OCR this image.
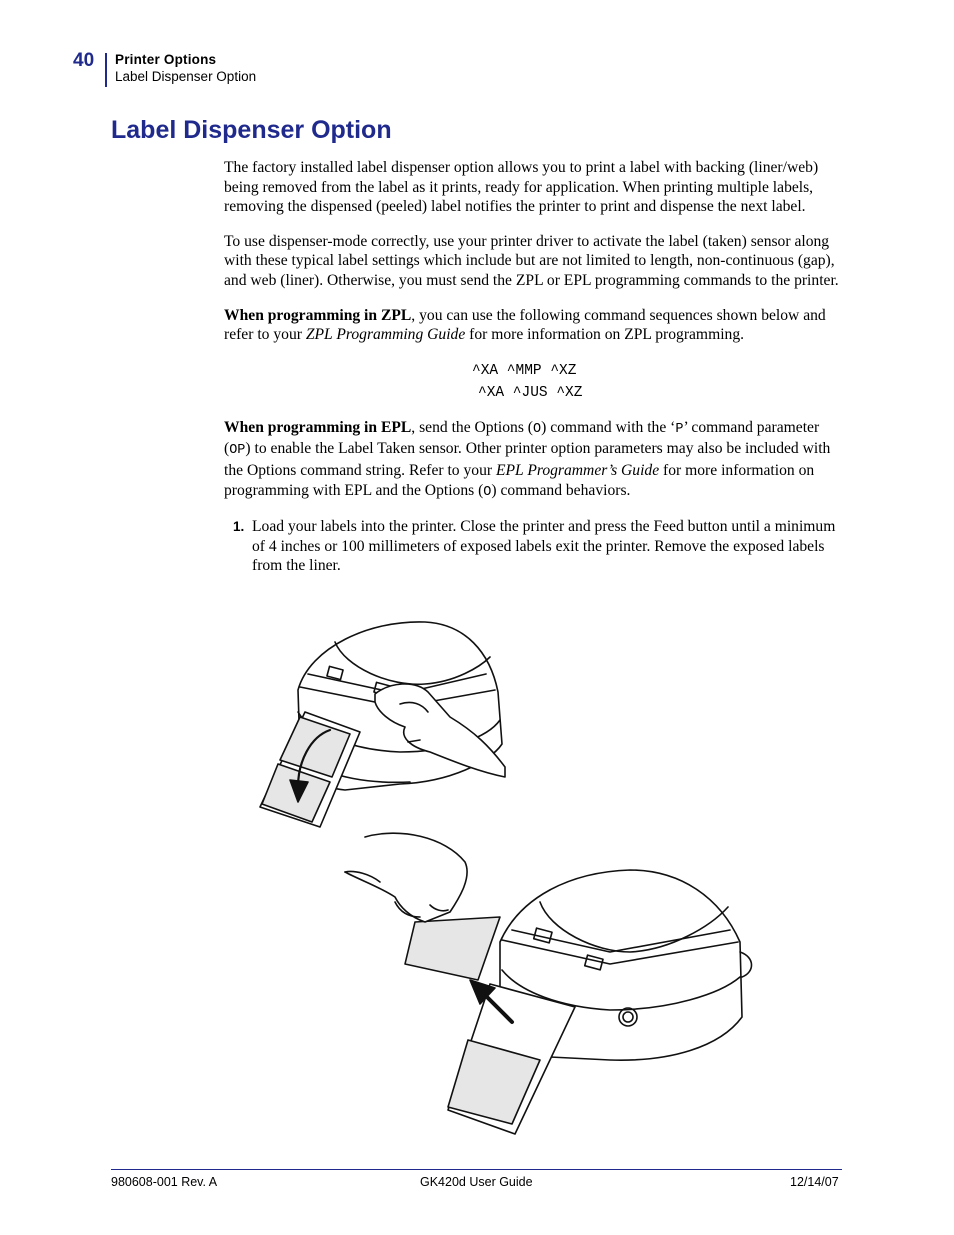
40 Printer Options
Label Dispenser Option
Label Dispenser Option

The factory installed label dispenser option allows you to print a label with backing (liner/web) being removed from the label as it prints, ready for application. When printing multiple labels, removing the dispensed (peeled) label notifies the printer to print and dispense the next label.

To use dispenser-mode correctly, use your printer driver to activate the label (taken) sensor along with these typical label settings which include but are not limited to length, non-continuous (gap), and web (liner). Otherwise, you must send the ZPL or EPL programming commands to the printer.

When programming in ZPL, you can use the following command sequences shown below and refer to your ZPL Programming Guide for more information on ZPL programming.

^XA ^MMP ^XZ
^XA ^JUS ^XZ

When programming in EPL, send the Options (O) command with the ‘P’ command parameter (OP) to enable the Label Taken sensor. Other printer option parameters may also be included with the Options command string. Refer to your EPL Programmer’s Guide for more information on programming with EPL and the Options (O) command behaviors.

1. Load your labels into the printer. Close the printer and press the Feed button until a minimum of 4 inches or 100 millimeters of exposed labels exit the printer. Remove the exposed labels from the liner.
980608-001 Rev. A	GK420d User Guide	12/14/07
